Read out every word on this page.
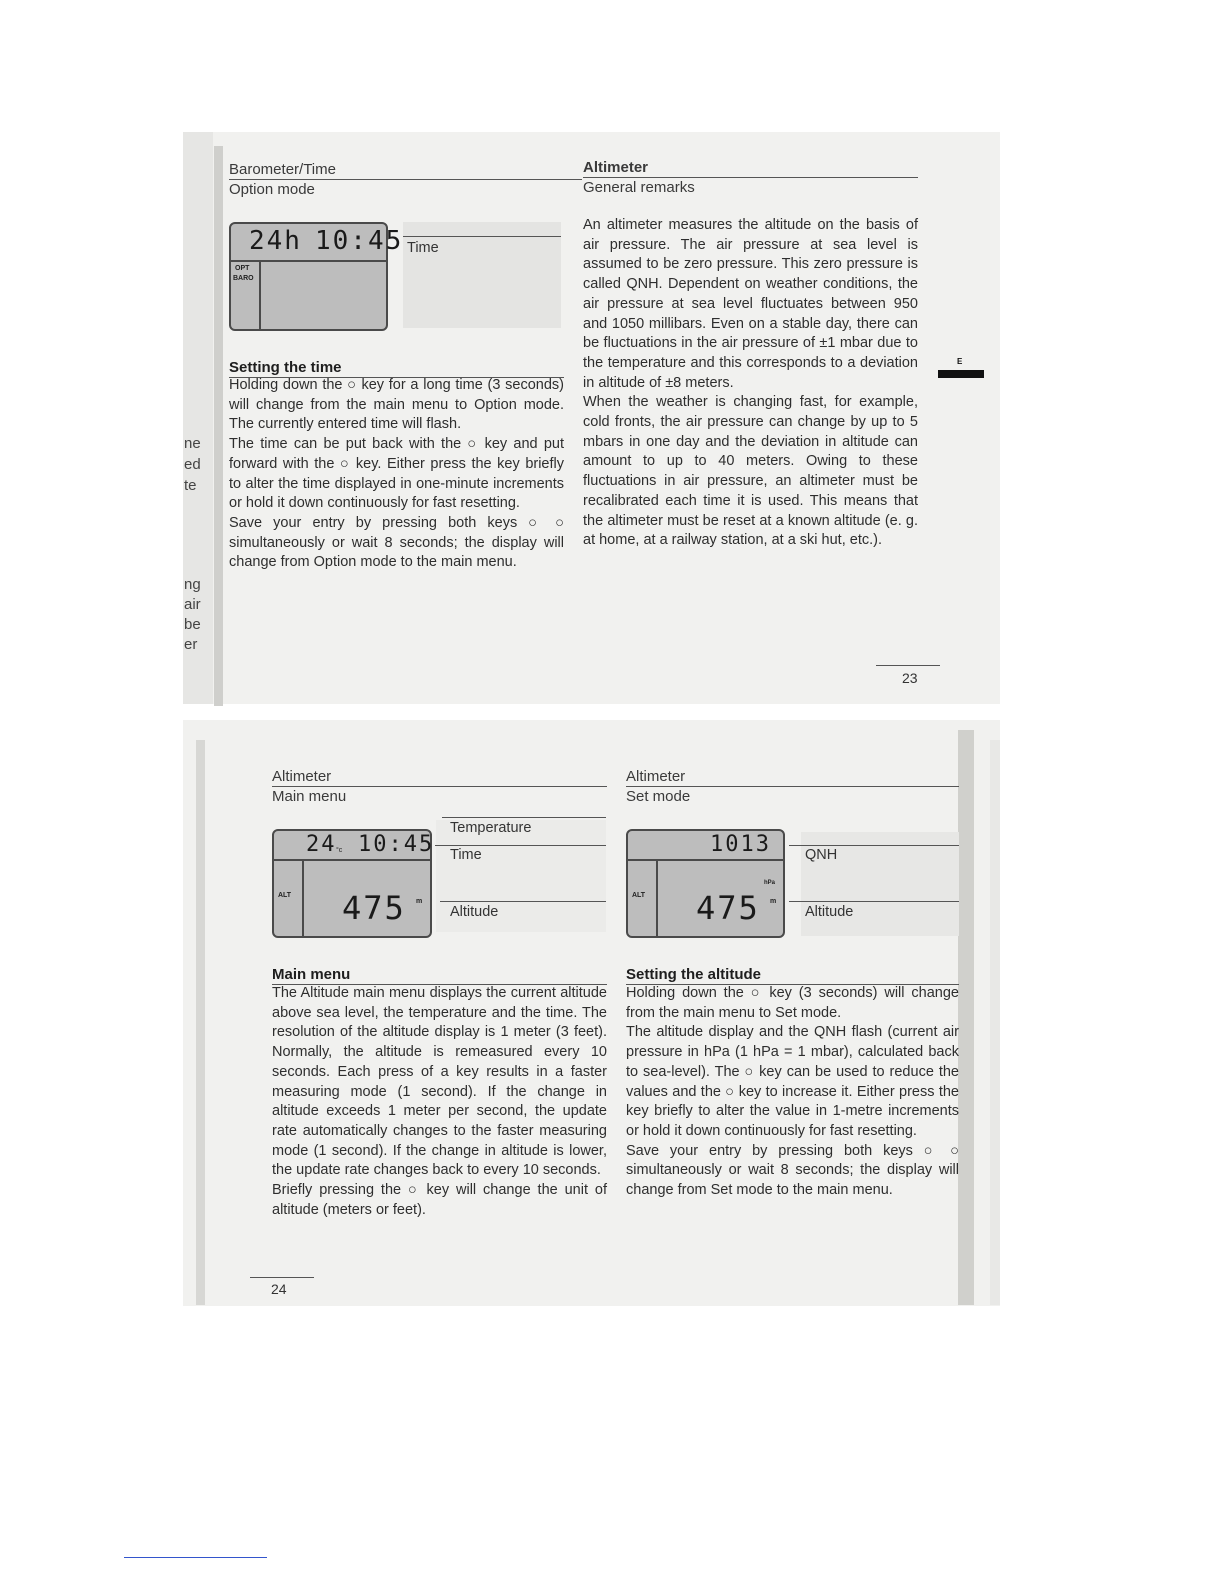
ne
ed
te
ng
air
be
er
Barometer/Time
Option mode
24h 10:45
OPT
BARO
Time
Setting the time

Holding down the ○ key for a long time (3 seconds) will change from the main menu to Option mode. The currently entered time will flash.

The time can be put back with the ○ key and put forward with the ○ key. Either press the key briefly to alter the time displayed in one-minute increments or hold it down continuously for fast resetting.

Save your entry by pressing both keys ○ ○ simultaneously or wait 8 seconds; the display will change from Option mode to the main menu.

Altimeter
General remarks

An altimeter measures the altitude on the basis of air pressure. The air pressure at sea level is assumed to be zero pressure. This zero pressure is called QNH. Dependent on weather conditions, the air pressure at sea level fluctuates between 950 and 1050 millibars. Even on a stable day, there can be fluctuations in the air pressure of ±1 mbar due to the temperature and this corresponds to a deviation in altitude of ±8 meters.

When the weather is changing fast, for example, cold fronts, the air pressure can change by up to 5 mbars in one day and the deviation in altitude can amount to up to 40 meters. Owing to these fluctuations in air pressure, an altimeter must be recalibrated each time it is used. This means that the altimeter must be reset at a known altitude (e. g. at home, at a railway station, at a ski hut, etc.).

23
E
Altimeter
Main menu
24 °c 10:45
ALT 475 m
Temperature
Time
Altitude
Main menu

The Altitude main menu displays the current altitude above sea level, the temperature and the time. The resolution of the altitude display is 1 meter (3 feet). Normally, the altitude is remeasured every 10 seconds. Each press of a key results in a faster measuring mode (1 second). If the change in altitude exceeds 1 meter per second, the update rate automatically changes to the faster measuring mode (1 second). If the change in altitude is lower, the update rate changes back to every 10 seconds.

Briefly pressing the ○ key will change the unit of altitude (meters or feet).

24
Altimeter
Set mode
1013
hPa
ALT 475 m
QNH
Altitude
Setting the altitude

Holding down the ○ key (3 seconds) will change from the main menu to Set mode.

The altitude display and the QNH flash (current air pressure in hPa (1 hPa = 1 mbar), calculated back to sea-level). The ○ key can be used to reduce the values and the ○ key to increase it. Either press the key briefly to alter the value in 1-metre increments or hold it down continuously for fast resetting.

Save your entry by pressing both keys ○ ○ simultaneously or wait 8 seconds; the display will change from Set mode to the main menu.
